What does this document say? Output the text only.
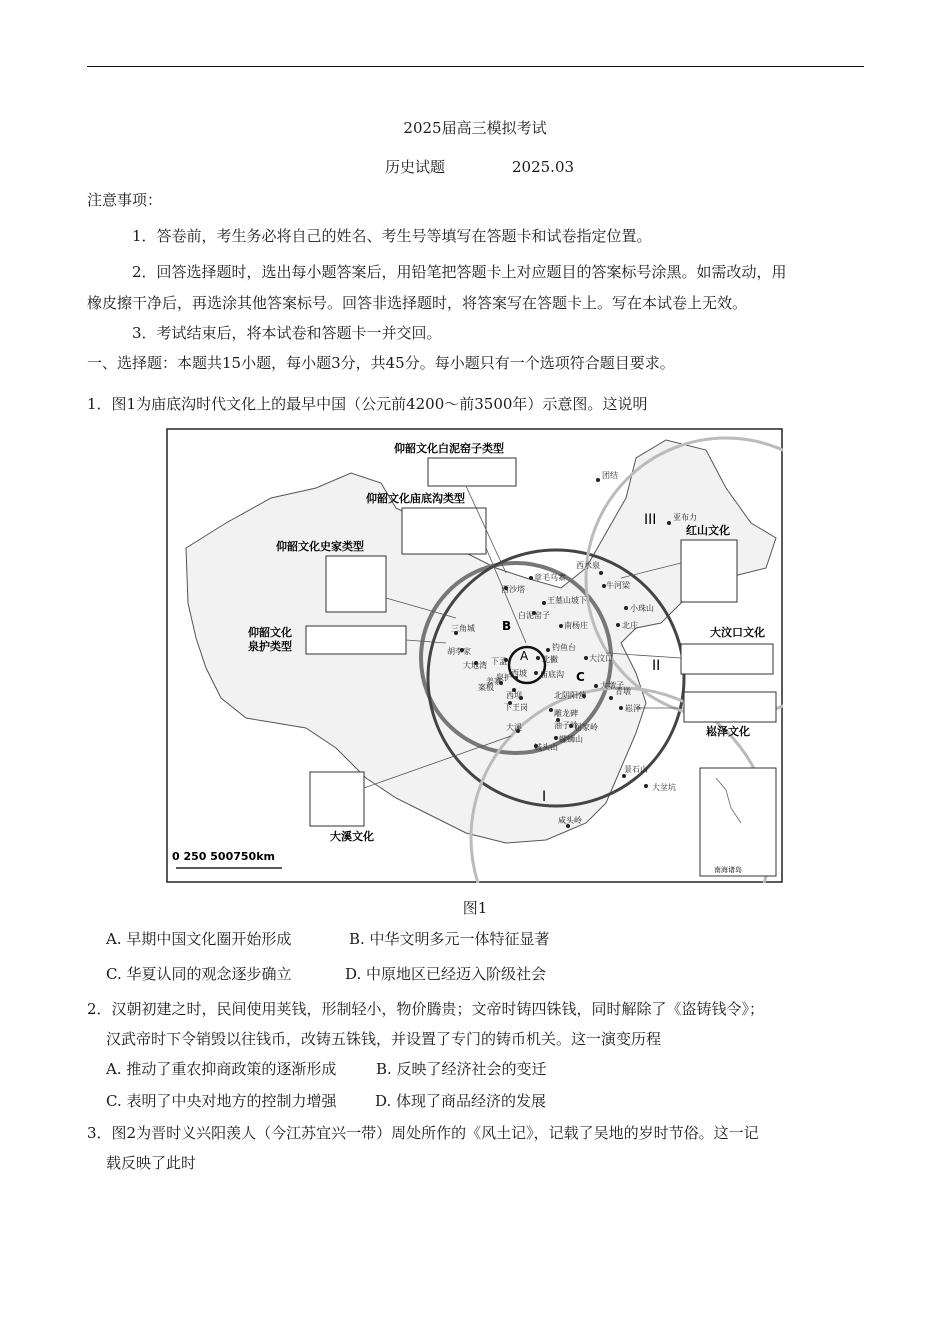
2025届高三模拟考试
历史试题	2025.03
注意事项：
1．答卷前，考生务必将自己的姓名、考生号等填写在答题卡和试卷指定位置。
2．回答选择题时，选出每小题答案后，用铅笔把答题卡上对应题目的答案标号涂黑。如需改动，用
橡皮擦干净后，再选涂其他答案标号。回答非选择题时，将答案写在答题卡上。写在本试卷上无效。
3．考试结束后，将本试卷和答题卡一并交回。
一、选择题：本题共15小题，每小题3分，共45分。每小题只有一个选项符合题目要求。
1．图1为庙底沟时代文化上的最早中国（公元前4200～前3500年）示意图。这说明
A
B
C
I
II
III
仰韶文化白泥窑子类型
仰韶文化庙底沟类型
仰韶文化史家类型
仰韶文化
泉护类型
红山文化
大汶口文化
崧泽文化
大溪文化
团结
亚布力
西水泉
牛河梁
小珠山
北庄
大汶口
大墩子
北阴阳营	青墩
崧泽
章毛乌素
西沙塔
王墓山坡下
白泥窑子
南杨庄
钓鱼台
三角城
胡李家
大地湾 下孟	北撇
庙底沟
西坡
泉护
案板
下王岗
姜寨
西坝
雕龙碑
屈家岭
油子岭
螺蛳山
大溪
城头山
景石山
大坌坑
咸头岭
0 250 500750km
南海诸岛
图1
A. 早期中国文化圈开始形成	B. 中华文明多元一体特征显著
C. 华夏认同的观念逐步确立	D. 中原地区已经迈入阶级社会
2．汉朝初建之时，民间使用荚钱，形制轻小，物价腾贵；文帝时铸四铢钱，同时解除了《盗铸钱令》；
汉武帝时下令销毁以往钱币，改铸五铢钱，并设置了专门的铸币机关。这一演变历程
A. 推动了重农抑商政策的逐渐形成	B. 反映了经济社会的变迁
C. 表明了中央对地方的控制力增强	D. 体现了商品经济的发展
3．图2为晋时义兴阳羡人（今江苏宜兴一带）周处所作的《风土记》，记载了吴地的岁时节俗。这一记
载反映了此时
